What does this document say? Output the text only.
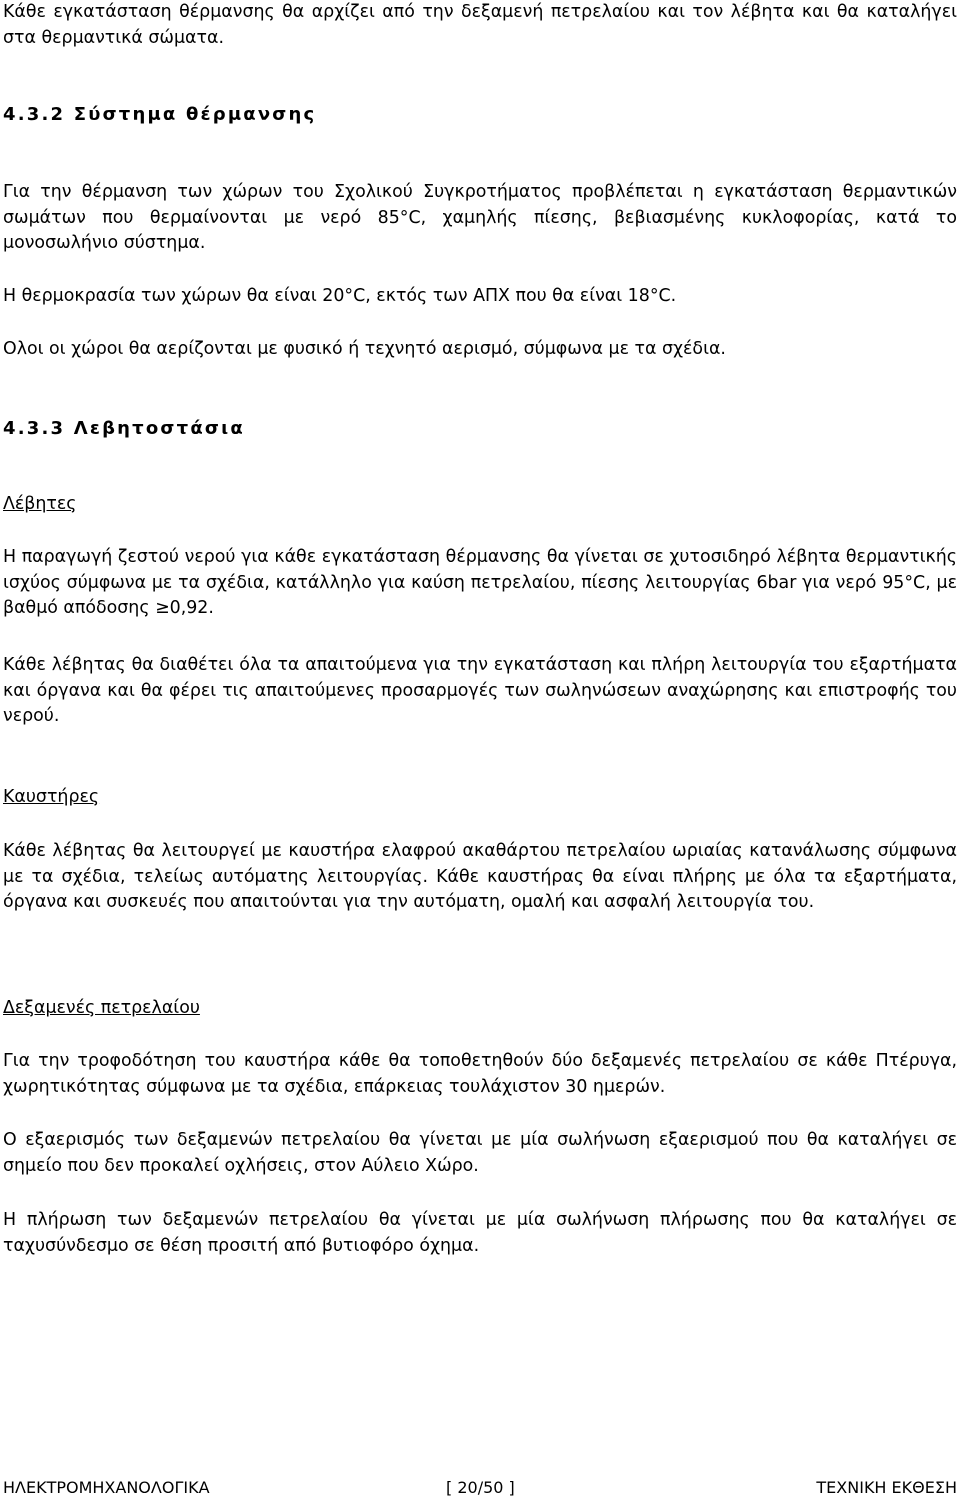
Κάθε εγκατάσταση θέρμανσης θα αρχίζει από την δεξαμενή πετρελαίου και τον λέβητα και θα καταλήγει στα θερμαντικά σώματα.

4.3.2 Σύστημα θέρμανσης

Για την θέρμανση των χώρων του Σχολικού Συγκροτήματος προβλέπεται η εγκατάσταση θερμαντικών σωμάτων που θερμαίνονται με νερό 85°C, χαμηλής πίεσης, βεβιασμένης κυκλοφορίας, κατά το μονοσωλήνιο σύστημα.

Η θερμοκρασία των χώρων θα είναι 20°C, εκτός των ΑΠΧ που θα είναι 18°C.

Ολοι οι χώροι θα αερίζονται με φυσικό ή τεχνητό αερισμό, σύμφωνα με τα σχέδια.

4.3.3 Λεβητοστάσια

Λέβητες

Η παραγωγή ζεστού νερού για κάθε εγκατάσταση θέρμανσης θα γίνεται σε χυτοσιδηρό λέβητα θερμαντικής ισχύος σύμφωνα με τα σχέδια, κατάλληλο για καύση πετρελαίου, πίεσης λειτουργίας 6bar για νερό 95°C, με βαθμό απόδοσης ≥0,92.

Κάθε λέβητας θα διαθέτει όλα τα απαιτούμενα για την εγκατάσταση και πλήρη λειτουργία του εξαρτήματα και όργανα και θα φέρει τις απαιτούμενες προσαρμογές των σωληνώσεων αναχώρησης και επιστροφής του νερού.

Καυστήρες

Κάθε λέβητας θα λειτουργεί με καυστήρα ελαφρού ακαθάρτου πετρελαίου ωριαίας κατανάλωσης σύμφωνα με τα σχέδια, τελείως αυτόματης λειτουργίας. Κάθε καυστήρας θα είναι πλήρης με όλα τα εξαρτήματα, όργανα και συσκευές που απαιτούνται για την αυτόματη, ομαλή και ασφαλή λειτουργία του.

Δεξαμενές πετρελαίου

Για την τροφοδότηση του καυστήρα κάθε θα τοποθετηθούν δύο δεξαμενές πετρελαίου σε κάθε Πτέρυγα, χωρητικότητας σύμφωνα με τα σχέδια, επάρκειας τουλάχιστον 30 ημερών.

Ο εξαερισμός των δεξαμενών πετρελαίου θα γίνεται με μία σωλήνωση εξαερισμού που θα καταλήγει σε σημείο που δεν προκαλεί οχλήσεις, στον Αύλειο Χώρο.

Η πλήρωση των δεξαμενών πετρελαίου θα γίνεται με μία σωλήνωση πλήρωσης που θα καταλήγει σε ταχυσύνδεσμο σε θέση προσιτή από βυτιοφόρο όχημα.

ΗΛΕΚΤΡΟΜΗΧΑΝΟΛΟΓΙΚΑ	[ 20/50 ]	ΤΕΧΝΙΚΗ ΕΚΘΕΣΗ
